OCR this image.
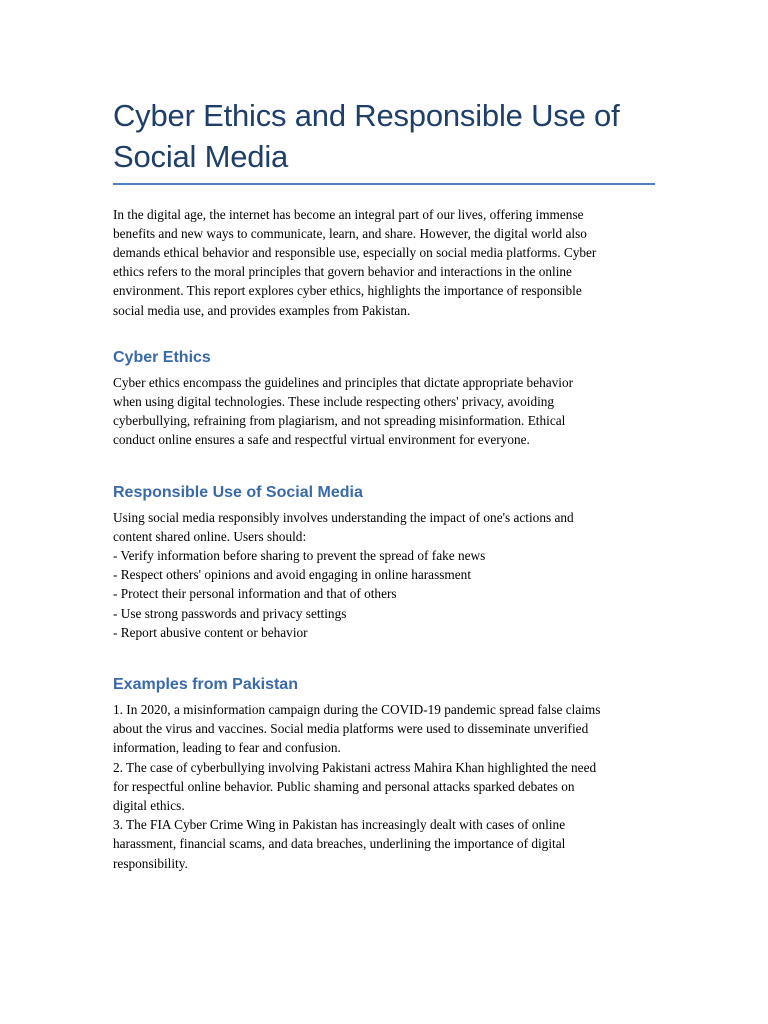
Cyber Ethics and Responsible Use of Social Media

In the digital age, the internet has become an integral part of our lives, offering immense
benefits and new ways to communicate, learn, and share. However, the digital world also
demands ethical behavior and responsible use, especially on social media platforms. Cyber
ethics refers to the moral principles that govern behavior and interactions in the online
environment. This report explores cyber ethics, highlights the importance of responsible
social media use, and provides examples from Pakistan.

Cyber Ethics

Cyber ethics encompass the guidelines and principles that dictate appropriate behavior
when using digital technologies. These include respecting others' privacy, avoiding
cyberbullying, refraining from plagiarism, and not spreading misinformation. Ethical
conduct online ensures a safe and respectful virtual environment for everyone.

Responsible Use of Social Media

Using social media responsibly involves understanding the impact of one's actions and
content shared online. Users should:

- Verify information before sharing to prevent the spread of fake news

- Respect others' opinions and avoid engaging in online harassment

- Protect their personal information and that of others

- Use strong passwords and privacy settings

- Report abusive content or behavior

Examples from Pakistan

1. In 2020, a misinformation campaign during the COVID-19 pandemic spread false claims
about the virus and vaccines. Social media platforms were used to disseminate unverified
information, leading to fear and confusion.
2. The case of cyberbullying involving Pakistani actress Mahira Khan highlighted the need
for respectful online behavior. Public shaming and personal attacks sparked debates on
digital ethics.
3. The FIA Cyber Crime Wing in Pakistan has increasingly dealt with cases of online
harassment, financial scams, and data breaches, underlining the importance of digital
responsibility.
